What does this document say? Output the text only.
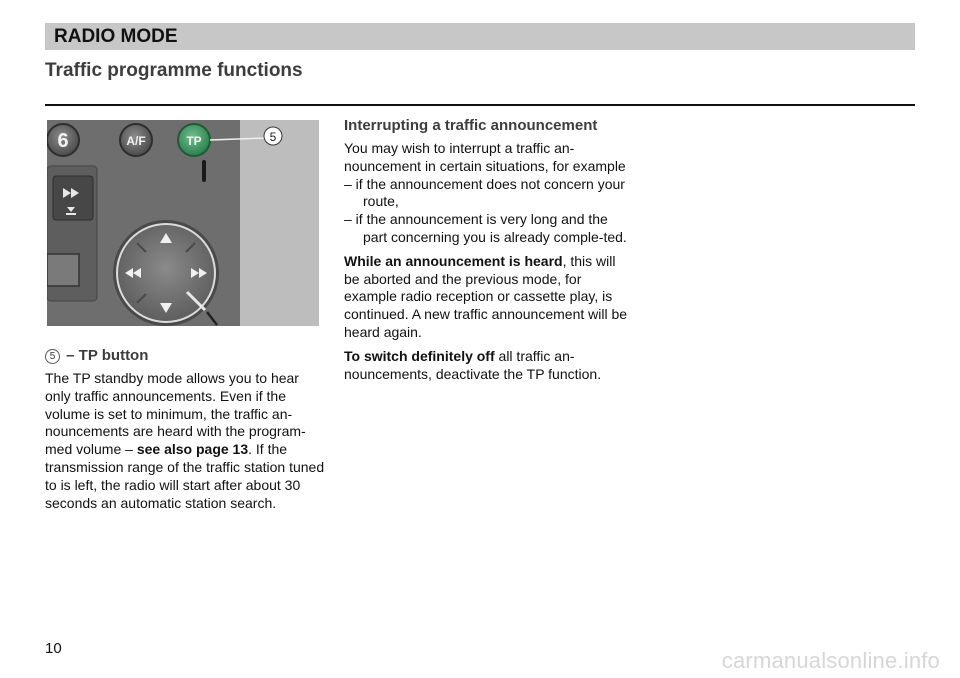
RADIO MODE
Traffic programme functions
6	A/F	TP	5
5 – TP button

The TP standby mode allows you to hear only traffic announcements. Even if the volume is set to minimum, the traffic an-nouncements are heard with the program-med volume – see also page 13. If the transmission range of the traffic station tuned to is left, the radio will start after about 30 seconds an automatic station search.

Interrupting a traffic announcement

You may wish to interrupt a traffic an-nouncement in certain situations, for example

– if the announcement does not concern your route,

– if the announcement is very long and the part concerning you is already comple-ted.

While an announcement is heard, this will be aborted and the previous mode, for example radio reception or cassette play, is continued. A new traffic announcement will be heard again.

To switch definitely off all traffic an-nouncements, deactivate the TP function.

10	carmanualsonline.info
